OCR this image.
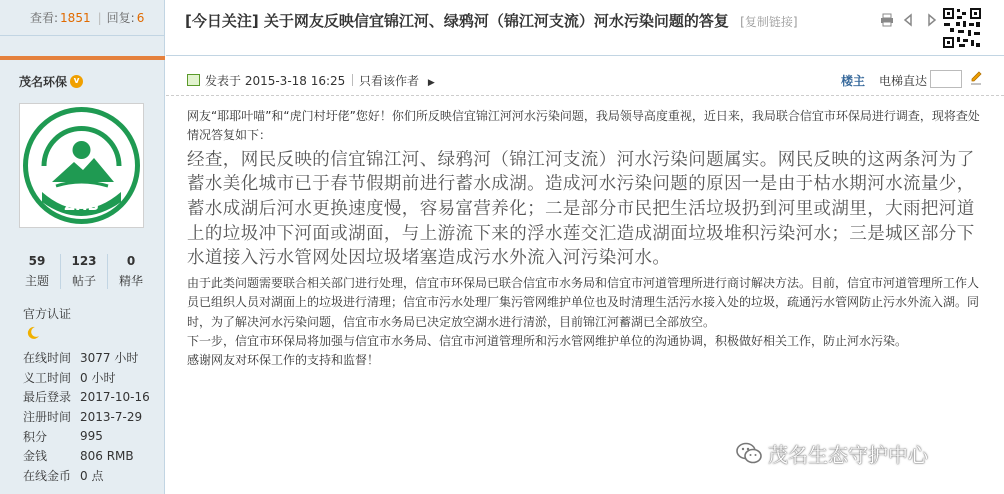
查看: 1851 | 回复: 6
茂名环保 v
ZHB
59
主题
123
帖子
0
精华
官方认证
在线时间 3077 小时
义工时间 0 小时
最后登录 2017-10-16
注册时间 2013-7-29
积分	995
金钱	806 RMB
在线金币 0 点
[今日关注] 关于网友反映信宜锦江河、绿鸦河（锦江河支流）河水污染问题的答复 [复制链接]
发表于 2015-3-18 16:25 只看该作者 ▶	楼主 电梯直达
网友“耶耶叶喵”和“虎门村圩佬”您好！你们所反映信宜锦江河河水污染问题，我局领导高度重视，近日来，我局联合信宜市环保局进行调查，现将查处情况答复如下：
经查，网民反映的信宜锦江河、绿鸦河（锦江河支流）河水污染问题属实。网民反映的这两条河为了蓄水美化城市已于春节假期前进行蓄水成湖。造成河水污染问题的原因一是由于枯水期河水流量少，蓄水成湖后河水更换速度慢，容易富营养化；二是部分市民把生活垃圾扔到河里或湖里，大雨把河道上的垃圾冲下河面或湖面，与上游流下来的浮水莲交汇造成湖面垃圾堆积污染河水；三是城区部分下水道接入污水管网处因垃圾堵塞造成污水外流入河污染河水。
由于此类问题需要联合相关部门进行处理，信宜市环保局已联合信宜市水务局和信宜市河道管理所进行商讨解决方法。目前，信宜市河道管理所工作人员已组织人员对湖面上的垃圾进行清理；信宜市污水处理厂集污管网维护单位也及时清理生活污水接入处的垃圾，疏通污水管网防止污水外流入湖。同时，为了解决河水污染问题，信宜市水务局已决定放空湖水进行清淤，目前锦江河蓄湖已全部放空。
下一步，信宜市环保局将加强与信宜市水务局、信宜市河道管理所和污水管网维护单位的沟通协调，积极做好相关工作，防止河水污染。
感谢网友对环保工作的支持和监督！
茂名生态守护中心
